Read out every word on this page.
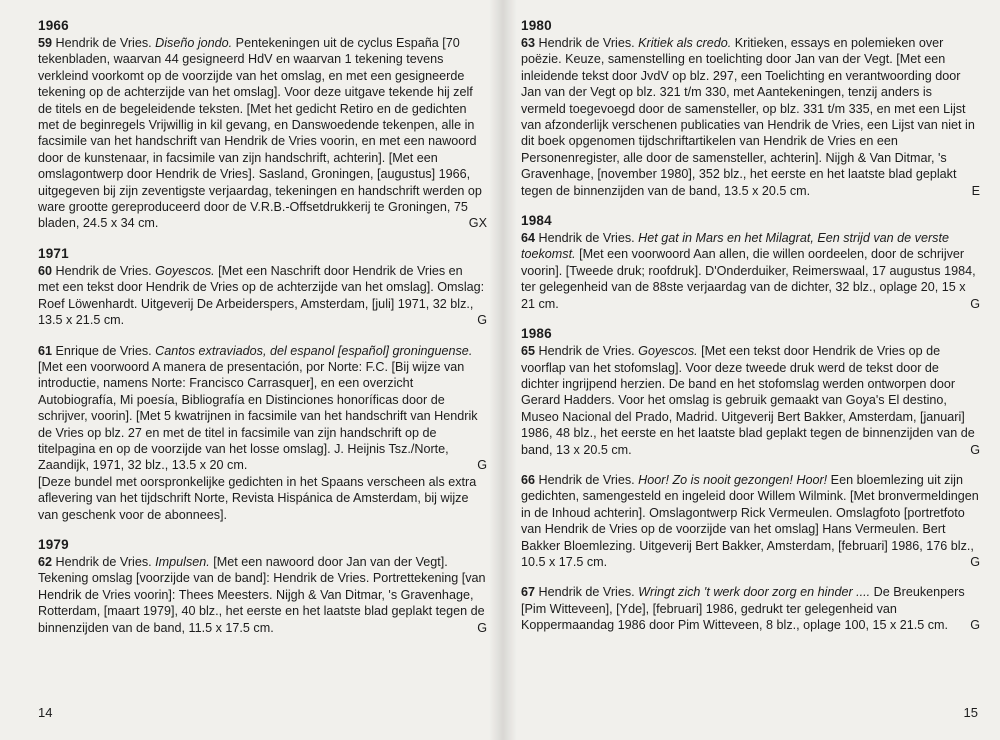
1966
59 Hendrik de Vries. Diseño jondo. Pentekeningen uit de cyclus España [70 tekenbladen, waarvan 44 gesigneerd HdV en waarvan 1 tekening tevens verkleind voorkomt op de voorzijde van het omslag, en met een gesigneerde tekening op de achterzijde van het omslag]. Voor deze uitgave tekende hij zelf de titels en de begeleidende teksten. [Met het gedicht Retiro en de gedichten met de beginregels Vrijwillig in kil gevang, en Danswoedende tekenpen, alle in facsimile van het handschrift van Hendrik de Vries voorin, en met een nawoord door de kunstenaar, in facsimile van zijn handschrift, achterin]. [Met een omslagontwerp door Hendrik de Vries]. Sasland, Groningen, [augustus] 1966, uitgegeven bij zijn zeventigste verjaardag, tekeningen en handschrift werden op ware grootte gereproduceerd door de V.R.B.-Offsetdrukkerij te Groningen, 75 bladen, 24.5 x 34 cm.	GX
1971
60 Hendrik de Vries. Goyescos. [Met een Naschrift door Hendrik de Vries en met een tekst door Hendrik de Vries op de achterzijde van het omslag]. Omslag: Roef Löwenhardt. Uitgeverij De Arbeiderspers, Amsterdam, [juli] 1971, 32 blz., 13.5 x 21.5 cm.	G
61 Enrique de Vries. Cantos extraviados, del espanol [español] groninguense. [Met een voorwoord A manera de presentación, por Norte: F.C. [Bij wijze van introductie, namens Norte: Francisco Carrasquer], en een overzicht Autobiografía, Mi poesía, Bibliografía en Distinciones honoríficas door de schrijver, voorin]. [Met 5 kwatrijnen in facsimile van het handschrift van Hendrik de Vries op blz. 27 en met de titel in facsimile van zijn handschrift op de titelpagina en op de voorzijde van het losse omslag]. J. Heijnis Tsz./Norte, Zaandijk, 1971, 32 blz., 13.5 x 20 cm.	G

[Deze bundel met oorspronkelijke gedichten in het Spaans verscheen als extra aflevering van het tijdschrift Norte, Revista Hispánica de Amsterdam, bij wijze van geschenk voor de abonnees].
1979
62 Hendrik de Vries. Impulsen. [Met een nawoord door Jan van der Vegt]. Tekening omslag [voorzijde van de band]: Hendrik de Vries. Portrettekening [van Hendrik de Vries voorin]: Thees Meesters. Nijgh & Van Ditmar, 's Gravenhage, Rotterdam, [maart 1979], 40 blz., het eerste en het laatste blad geplakt tegen de binnenzijden van de band, 11.5 x 17.5 cm.	G
14
1980
63 Hendrik de Vries. Kritiek als credo. Kritieken, essays en polemieken over poëzie. Keuze, samenstelling en toelichting door Jan van der Vegt. [Met een inleidende tekst door JvdV op blz. 297, een Toelichting en verantwoording door Jan van der Vegt op blz. 321 t/m 330, met Aantekeningen, tenzij anders is vermeld toegevoegd door de samensteller, op blz. 331 t/m 335, en met een Lijst van afzonderlijk verschenen publicaties van Hendrik de Vries, een Lijst van niet in dit boek opgenomen tijdschriftartikelen van Hendrik de Vries en een Personenregister, alle door de samensteller, achterin]. Nijgh & Van Ditmar, 's Gravenhage, [november 1980], 352 blz., het eerste en het laatste blad geplakt tegen de binnenzijden van de band, 13.5 x 20.5 cm.	E
1984
64 Hendrik de Vries. Het gat in Mars en het Milagrat, Een strijd van de verste toekomst. [Met een voorwoord Aan allen, die willen oordeelen, door de schrijver voorin]. [Tweede druk; roofdruk]. D'Onderduiker, Reimerswaal, 17 augustus 1984, ter gelegenheid van de 88ste verjaardag van de dichter, 32 blz., oplage 20, 15 x 21 cm.	G
1986
65 Hendrik de Vries. Goyescos. [Met een tekst door Hendrik de Vries op de voorflap van het stofomslag]. Voor deze tweede druk werd de tekst door de dichter ingrijpend herzien. De band en het stofomslag werden ontworpen door Gerard Hadders. Voor het omslag is gebruik gemaakt van Goya's El destino, Museo Nacional del Prado, Madrid. Uitgeverij Bert Bakker, Amsterdam, [januari] 1986, 48 blz., het eerste en het laatste blad geplakt tegen de binnenzijden van de band, 13 x 20.5 cm.	G
66 Hendrik de Vries. Hoor! Zo is nooit gezongen! Hoor! Een bloemlezing uit zijn gedichten, samengesteld en ingeleid door Willem Wilmink. [Met bronvermeldingen in de Inhoud achterin]. Omslagontwerp Rick Vermeulen. Omslagfoto [portretfoto van Hendrik de Vries op de voorzijde van het omslag] Hans Vermeulen. Bert Bakker Bloemlezing. Uitgeverij Bert Bakker, Amsterdam, [februari] 1986, 176 blz., 10.5 x 17.5 cm.	G
67 Hendrik de Vries. Wringt zich 't werk door zorg en hinder .... De Breukenpers [Pim Witteveen], [Yde], [februari] 1986, gedrukt ter gelegenheid van Koppermaandag 1986 door Pim Witteveen, 8 blz., oplage 100, 15 x 21.5 cm. G
15
